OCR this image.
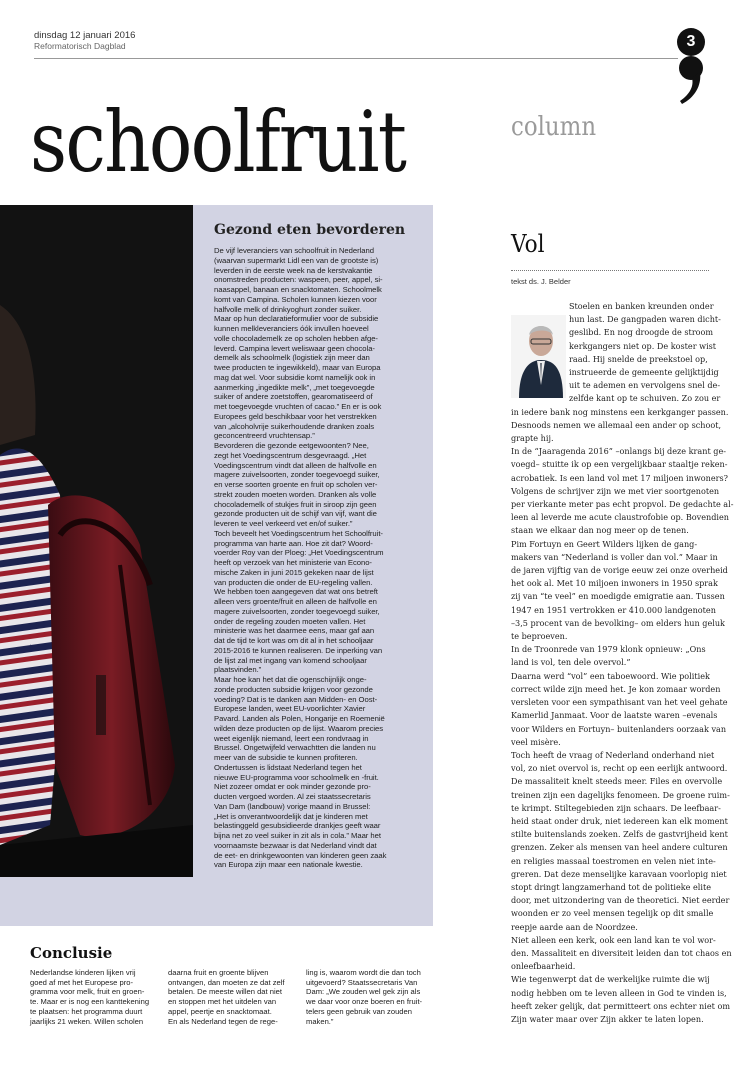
dinsdag 12 januari 2016
Reformatorisch Dagblad	3
schoolfruit	column
Gezond eten bevorderen
De vijf leveranciers van schoolfruit in Nederland
(waarvan supermarkt Lidl een van de grootste is)
leverden in de eerste week na de kerstvakantie
onomstreden producten: waspeen, peer, appel, si-
naasappel, banaan en snacktomaten. Schoolmelk
komt van Campina. Scholen kunnen kiezen voor
halfvolle melk of drinkyoghurt zonder suiker.
Maar op hun declaratieformulier voor de subsidie
kunnen melkleveranciers óók invullen hoeveel
volle chocolademelk ze op scholen hebben afge-
leverd. Campina levert weliswaar geen chocola-
demelk als schoolmelk (logistiek zijn meer dan
twee producten te ingewikkeld), maar van Europa
mag dat wel. Voor subsidie komt namelijk ook in
aanmerking „ingedikte melk”, „met toegevoegde
suiker of andere zoetstoffen, gearomatiseerd of
met toegevoegde vruchten of cacao.” En er is ook
Europees geld beschikbaar voor het verstrekken
van „alcoholvrije suikerhoudende dranken zoals
geconcentreerd vruchtensap.”
Bevorderen die gezonde eetgewoonten? Nee,
zegt het Voedingscentrum desgevraagd. „Het
Voedingscentrum vindt dat alleen de halfvolle en
magere zuivelsoorten, zonder toegevoegd suiker,
en verse soorten groente en fruit op scholen ver-
strekt zouden moeten worden. Dranken als volle
chocolademelk of stukjes fruit in siroop zijn geen
gezonde producten uit de schijf van vijf, want die
leveren te veel verkeerd vet en/of suiker.”
Toch beveelt het Voedingscentrum het Schoolfruit-
programma van harte aan. Hoe zit dat? Woord-
voerder Roy van der Ploeg: „Het Voedingscentrum
heeft op verzoek van het ministerie van Econo-
mische Zaken in juni 2015 gekeken naar de lijst
van producten die onder de EU-regeling vallen.
We hebben toen aangegeven dat wat ons betreft
alleen vers groente/fruit en alleen de halfvolle en
magere zuivelsoorten, zonder toegevoegd suiker,
onder de regeling zouden moeten vallen. Het
ministerie was het daarmee eens, maar gaf aan
dat de tijd te kort was om dit al in het schooljaar
2015-2016 te kunnen realiseren. De inperking van
de lijst zal met ingang van komend schooljaar
plaatsvinden.”
Maar hoe kan het dat die ogenschijnlijk onge-
zonde producten subsidie krijgen voor gezonde
voeding? Dat is te danken aan Midden- en Oost-
Europese landen, weet EU-voorlichter Xavier
Pavard. Landen als Polen, Hongarije en Roemenië
wilden deze producten op de lijst. Waarom precies
weet eigenlijk niemand, leert een rondvraag in
Brussel. Ongetwijfeld verwachtten die landen nu
meer van de subsidie te kunnen profiteren.
Ondertussen is lidstaat Nederland tegen het
nieuwe EU-programma voor schoolmelk en -fruit.
Niet zozeer omdat er ook minder gezonde pro-
ducten vergoed worden. Al zei staatssecretaris
Van Dam (landbouw) vorige maand in Brussel:
„Het is onverantwoordelijk dat je kinderen met
belastinggeld gesubsidieerde drankjes geeft waar
bijna net zo veel suiker in zit als in cola.” Maar het
voornaamste bezwaar is dat Nederland vindt dat
de eet- en drinkgewoonten van kinderen geen zaak
van Europa zijn maar een nationale kwestie.
Conclusie
Nederlandse kinderen lijken vrij
goed af met het Europese pro-
gramma voor melk, fruit en groen-
te. Maar er is nog een kanttekening
te plaatsen: het programma duurt
jaarlijks 21 weken. Willen scholen
daarna fruit en groente blijven
ontvangen, dan moeten ze dat zelf
betalen. De meeste willen dat niet
en stoppen met het uitdelen van
appel, peertje en snacktomaat.
En als Nederland tegen de rege-
ling is, waarom wordt die dan toch
uitgevoerd? Staatssecretaris Van
Dam: „We zouden wel gek zijn als
we daar voor onze boeren en fruit-
telers geen gebruik van zouden
maken.”
Vol
tekst ds. J. Belder
Stoelen en banken kreunden onder
hun last. De gangpaden waren dicht-
geslibd. En nog droogde de stroom
kerkgangers niet op. De koster wist
raad. Hij snelde de preekstoel op,
instrueerde de gemeente gelijktijdig
uit te ademen en vervolgens snel de-
zelfde kant op te schuiven. Zo zou er
in iedere bank nog minstens een kerkganger passen.
Desnoods nemen we allemaal een ander op schoot,
grapte hij.
In de “Jaaragenda 2016” –onlangs bij deze krant ge-
voegd– stuitte ik op een vergelijkbaar staaltje reken-
acrobatiek. Is een land vol met 17 miljoen inwoners?
Volgens de schrijver zijn we met vier soortgenoten
per vierkante meter pas echt propvol. De gedachte al-
leen al leverde me acute claustrofobie op. Bovendien
staan we elkaar dan nog meer op de tenen.
Pim Fortuyn en Geert Wilders lijken de gang-
makers van “Nederland is voller dan vol.” Maar in
de jaren vijftig van de vorige eeuw zei onze overheid
het ook al. Met 10 miljoen inwoners in 1950 sprak
zij van “te veel” en moedigde emigratie aan. Tussen
1947 en 1951 vertrokken er 410.000 landgenoten
–3,5 procent van de bevolking– om elders hun geluk
te beproeven.
In de Troonrede van 1979 klonk opnieuw: „Ons
land is vol, ten dele overvol.”
Daarna werd “vol” een taboewoord. Wie politiek
correct wilde zijn meed het. Je kon zomaar worden
versleten voor een sympathisant van het veel gehate
Kamerlid Janmaat. Voor de laatste waren –evenals
voor Wilders en Fortuyn– buitenlanders oorzaak van
veel misère.
Toch heeft de vraag of Nederland onderhand niet
vol, zo niet overvol is, recht op een eerlijk antwoord.
De massaliteit knelt steeds meer. Files en overvolle
treinen zijn een dagelijks fenomeen. De groene ruim-
te krimpt. Stiltegebieden zijn schaars. De leefbaar-
heid staat onder druk, niet iedereen kan elk moment
stilte buitenslands zoeken. Zelfs de gastvrijheid kent
grenzen. Zeker als mensen van heel andere culturen
en religies massaal toestromen en velen niet inte-
greren. Dat deze menselijke karavaan voorlopig niet
stopt dringt langzamerhand tot de politieke elite
door, met uitzondering van de theoretici. Niet eerder
woonden er zo veel mensen tegelijk op dit smalle
reepje aarde aan de Noordzee.
Niet alleen een kerk, ook een land kan te vol wor-
den. Massaliteit en diversiteit leiden dan tot chaos en
onleefbaarheid.
Wie tegenwerpt dat de werkelijke ruimte die wij
nodig hebben om te leven alleen in God te vinden is,
heeft zeker gelijk, dat permitteert ons echter niet om
Zijn water maar over Zijn akker te laten lopen.
